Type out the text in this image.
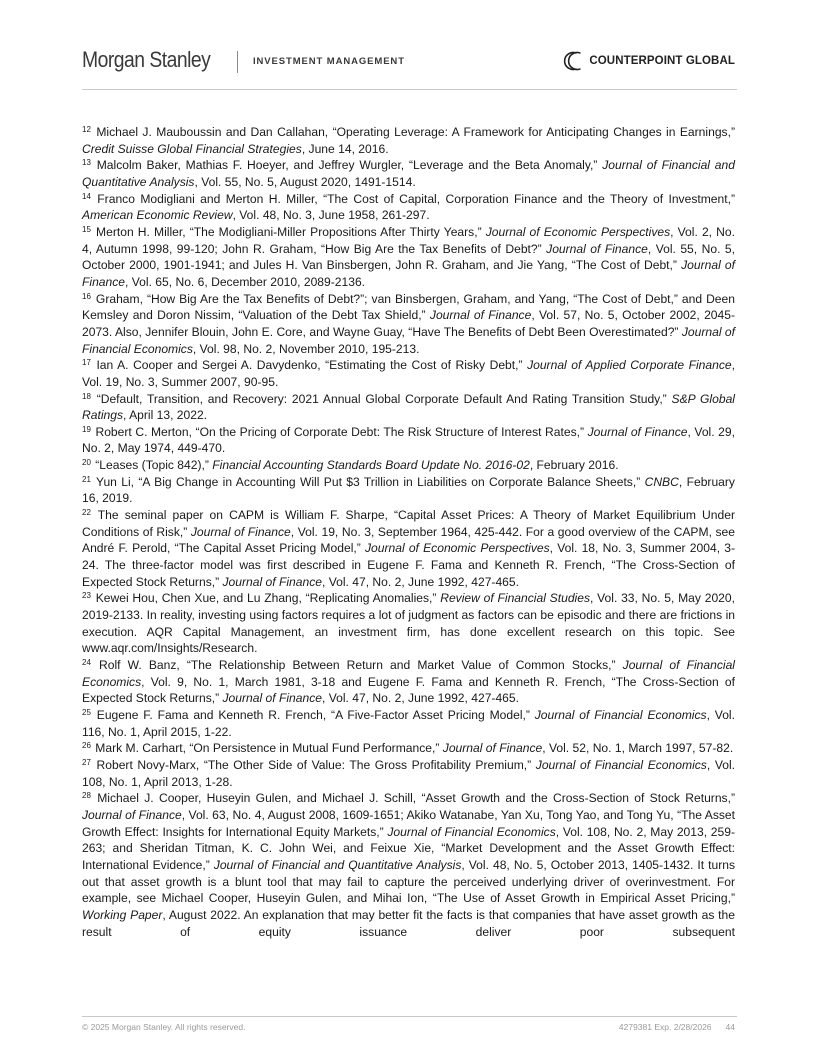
Morgan Stanley	INVESTMENT MANAGEMENT	COUNTERPOINT GLOBAL

$^{12}$ Michael J. Mauboussin and Dan Callahan, “Operating Leverage: A Framework for Anticipating Changes in Earnings,” Credit Suisse Global Financial Strategies, June 14, 2016.

$^{13}$ Malcolm Baker, Mathias F. Hoeyer, and Jeffrey Wurgler, “Leverage and the Beta Anomaly,” Journal of Financial and Quantitative Analysis, Vol. 55, No. 5, August 2020, 1491-1514.

$^{14}$ Franco Modigliani and Merton H. Miller, “The Cost of Capital, Corporation Finance and the Theory of Investment,” American Economic Review, Vol. 48, No. 3, June 1958, 261-297.

$^{15}$ Merton H. Miller, “The Modigliani-Miller Propositions After Thirty Years,” Journal of Economic Perspectives, Vol. 2, No. 4, Autumn 1998, 99-120; John R. Graham, “How Big Are the Tax Benefits of Debt?” Journal of Finance, Vol. 55, No. 5, October 2000, 1901-1941; and Jules H. Van Binsbergen, John R. Graham, and Jie Yang, “The Cost of Debt,” Journal of Finance, Vol. 65, No. 6, December 2010, 2089-2136.

$^{16}$ Graham, “How Big Are the Tax Benefits of Debt?”; van Binsbergen, Graham, and Yang, “The Cost of Debt,” and Deen Kemsley and Doron Nissim, “Valuation of the Debt Tax Shield,” Journal of Finance, Vol. 57, No. 5, October 2002, 2045-2073. Also, Jennifer Blouin, John E. Core, and Wayne Guay, “Have The Benefits of Debt Been Overestimated?” Journal of Financial Economics, Vol. 98, No. 2, November 2010, 195-213.

$^{17}$ Ian A. Cooper and Sergei A. Davydenko, “Estimating the Cost of Risky Debt,” Journal of Applied Corporate Finance, Vol. 19, No. 3, Summer 2007, 90-95.

$^{18}$ “Default, Transition, and Recovery: 2021 Annual Global Corporate Default And Rating Transition Study,” S&P Global Ratings, April 13, 2022.

$^{19}$ Robert C. Merton, “On the Pricing of Corporate Debt: The Risk Structure of Interest Rates,” Journal of Finance, Vol. 29, No. 2, May 1974, 449-470.

$^{20}$ “Leases (Topic 842),” Financial Accounting Standards Board Update No. 2016-02, February 2016.

$^{21}$ Yun Li, “A Big Change in Accounting Will Put $3 Trillion in Liabilities on Corporate Balance Sheets,” CNBC, February 16, 2019.

$^{22}$ The seminal paper on CAPM is William F. Sharpe, “Capital Asset Prices: A Theory of Market Equilibrium Under Conditions of Risk,” Journal of Finance, Vol. 19, No. 3, September 1964, 425-442. For a good overview of the CAPM, see André F. Perold, “The Capital Asset Pricing Model,” Journal of Economic Perspectives, Vol. 18, No. 3, Summer 2004, 3-24. The three-factor model was first described in Eugene F. Fama and Kenneth R. French, “The Cross-Section of Expected Stock Returns,” Journal of Finance, Vol. 47, No. 2, June 1992, 427-465.

$^{23}$ Kewei Hou, Chen Xue, and Lu Zhang, “Replicating Anomalies,” Review of Financial Studies, Vol. 33, No. 5, May 2020, 2019-2133. In reality, investing using factors requires a lot of judgment as factors can be episodic and there are frictions in execution. AQR Capital Management, an investment firm, has done excellent research on this topic. See www.aqr.com/Insights/Research.

$^{24}$ Rolf W. Banz, “The Relationship Between Return and Market Value of Common Stocks,” Journal of Financial Economics, Vol. 9, No. 1, March 1981, 3-18 and Eugene F. Fama and Kenneth R. French, “The Cross-Section of Expected Stock Returns,” Journal of Finance, Vol. 47, No. 2, June 1992, 427-465.

$^{25}$ Eugene F. Fama and Kenneth R. French, “A Five-Factor Asset Pricing Model,” Journal of Financial Economics, Vol. 116, No. 1, April 2015, 1-22.

$^{26}$ Mark M. Carhart, “On Persistence in Mutual Fund Performance,” Journal of Finance, Vol. 52, No. 1, March 1997, 57-82.

$^{27}$ Robert Novy-Marx, “The Other Side of Value: The Gross Profitability Premium,” Journal of Financial Economics, Vol. 108, No. 1, April 2013, 1-28.

$^{28}$ Michael J. Cooper, Huseyin Gulen, and Michael J. Schill, “Asset Growth and the Cross-Section of Stock Returns,” Journal of Finance, Vol. 63, No. 4, August 2008, 1609-1651; Akiko Watanabe, Yan Xu, Tong Yao, and Tong Yu, “The Asset Growth Effect: Insights for International Equity Markets,” Journal of Financial Economics, Vol. 108, No. 2, May 2013, 259-263; and Sheridan Titman, K. C. John Wei, and Feixue Xie, “Market Development and the Asset Growth Effect: International Evidence,” Journal of Financial and Quantitative Analysis, Vol. 48, No. 5, October 2013, 1405-1432. It turns out that asset growth is a blunt tool that may fail to capture the perceived underlying driver of overinvestment. For example, see Michael Cooper, Huseyin Gulen, and Mihai Ion, “The Use of Asset Growth in Empirical Asset Pricing,” Working Paper, August 2022. An explanation that may better fit the facts is that companies that have asset growth as the result of equity issuance deliver poor subsequent

© 2025 Morgan Stanley. All rights reserved.	4279381 Exp. 2/28/2026 44
